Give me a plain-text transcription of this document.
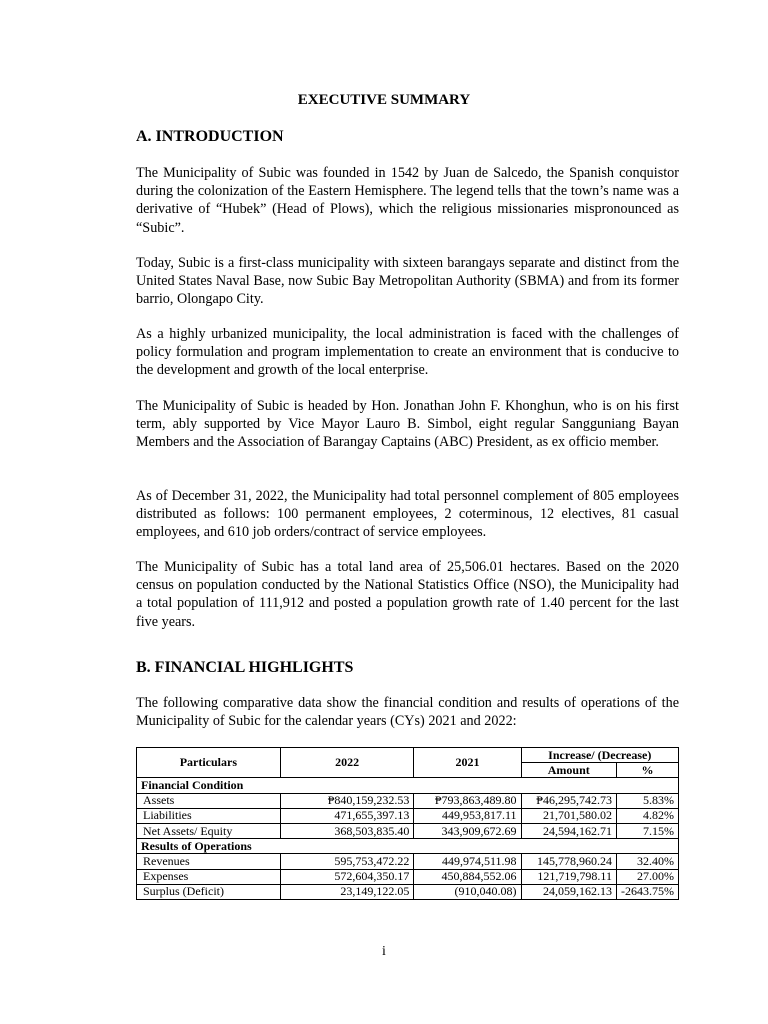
EXECUTIVE SUMMARY
A. INTRODUCTION

The Municipality of Subic was founded in 1542 by Juan de Salcedo, the Spanish conquistor during the colonization of the Eastern Hemisphere. The legend tells that the town’s name was a derivative of “Hubek” (Head of Plows), which the religious missionaries mispronounced as “Subic”.

Today, Subic is a first-class municipality with sixteen barangays separate and distinct from the United States Naval Base, now Subic Bay Metropolitan Authority (SBMA) and from its former barrio, Olongapo City.

As a highly urbanized municipality, the local administration is faced with the challenges of policy formulation and program implementation to create an environment that is conducive to the development and growth of the local enterprise.

The Municipality of Subic is headed by Hon. Jonathan John F. Khonghun, who is on his first term, ably supported by Vice Mayor Lauro B. Simbol, eight regular Sangguniang Bayan Members and the Association of Barangay Captains (ABC) President, as ex officio member.

As of December 31, 2022, the Municipality had total personnel complement of 805 employees distributed as follows: 100 permanent employees, 2 coterminous, 12 electives, 81 casual employees, and 610 job orders/contract of service employees.

The Municipality of Subic has a total land area of 25,506.01 hectares. Based on the 2020 census on population conducted by the National Statistics Office (NSO), the Municipality had a total population of 111,912 and posted a population growth rate of 1.40 percent for the last five years.

B. FINANCIAL HIGHLIGHTS

The following comparative data show the financial condition and results of operations of the Municipality of Subic for the calendar years (CYs) 2021 and 2022:

Particulars	2022	2021	Increase/ (Decrease)	
			Amount	%
Financial Condition				
Assets	₱840,159,232.53	₱793,863,489.80	₱46,295,742.73	5.83%
Liabilities	471,655,397.13	449,953,817.11	21,701,580.02	4.82%
Net Assets/ Equity	368,503,835.40	343,909,672.69	24,594,162.71	7.15%
Results of Operations				
Revenues	595,753,472.22	449,974,511.98	145,778,960.24	32.40%
Expenses	572,604,350.17	450,884,552.06	121,719,798.11	27.00%
Surplus (Deficit)	23,149,122.05	(910,040.08)	24,059,162.13	-2643.75%
i
